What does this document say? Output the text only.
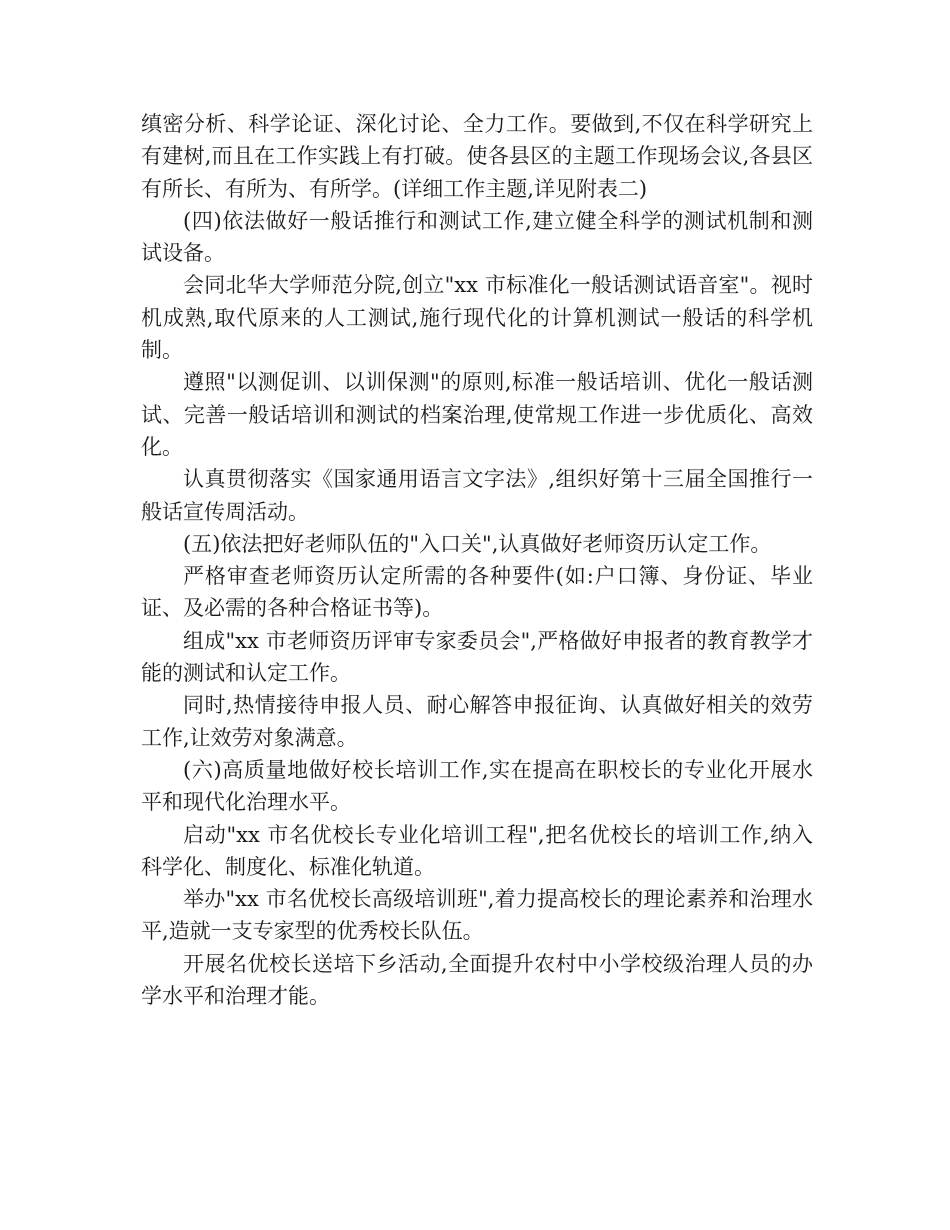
缜密分析、科学论证、深化讨论、全力工作。要做到,不仅在科学研究上有建树,而且在工作实践上有打破。使各县区的主题工作现场会议,各县区有所长、有所为、有所学。(详细工作主题,详见附表二)

(四)依法做好一般话推行和测试工作,建立健全科学的测试机制和测试设备。

会同北华大学师范分院,创立"xx 市标准化一般话测试语音室"。视时机成熟,取代原来的人工测试,施行现代化的计算机测试一般话的科学机制。

遵照"以测促训、以训保测"的原则,标准一般话培训、优化一般话测试、完善一般话培训和测试的档案治理,使常规工作进一步优质化、高效化。

认真贯彻落实《国家通用语言文字法》,组织好第十三届全国推行一般话宣传周活动。

(五)依法把好老师队伍的"入口关",认真做好老师资历认定工作。

严格审查老师资历认定所需的各种要件(如:户口簿、身份证、毕业证、及必需的各种合格证书等)。

组成"xx 市老师资历评审专家委员会",严格做好申报者的教育教学才能的测试和认定工作。

同时,热情接待申报人员、耐心解答申报征询、认真做好相关的效劳工作,让效劳对象满意。

(六)高质量地做好校长培训工作,实在提高在职校长的专业化开展水平和现代化治理水平。

启动"xx 市名优校长专业化培训工程",把名优校长的培训工作,纳入科学化、制度化、标准化轨道。

举办"xx 市名优校长高级培训班",着力提高校长的理论素养和治理水平,造就一支专家型的优秀校长队伍。

开展名优校长送培下乡活动,全面提升农村中小学校级治理人员的办学水平和治理才能。
